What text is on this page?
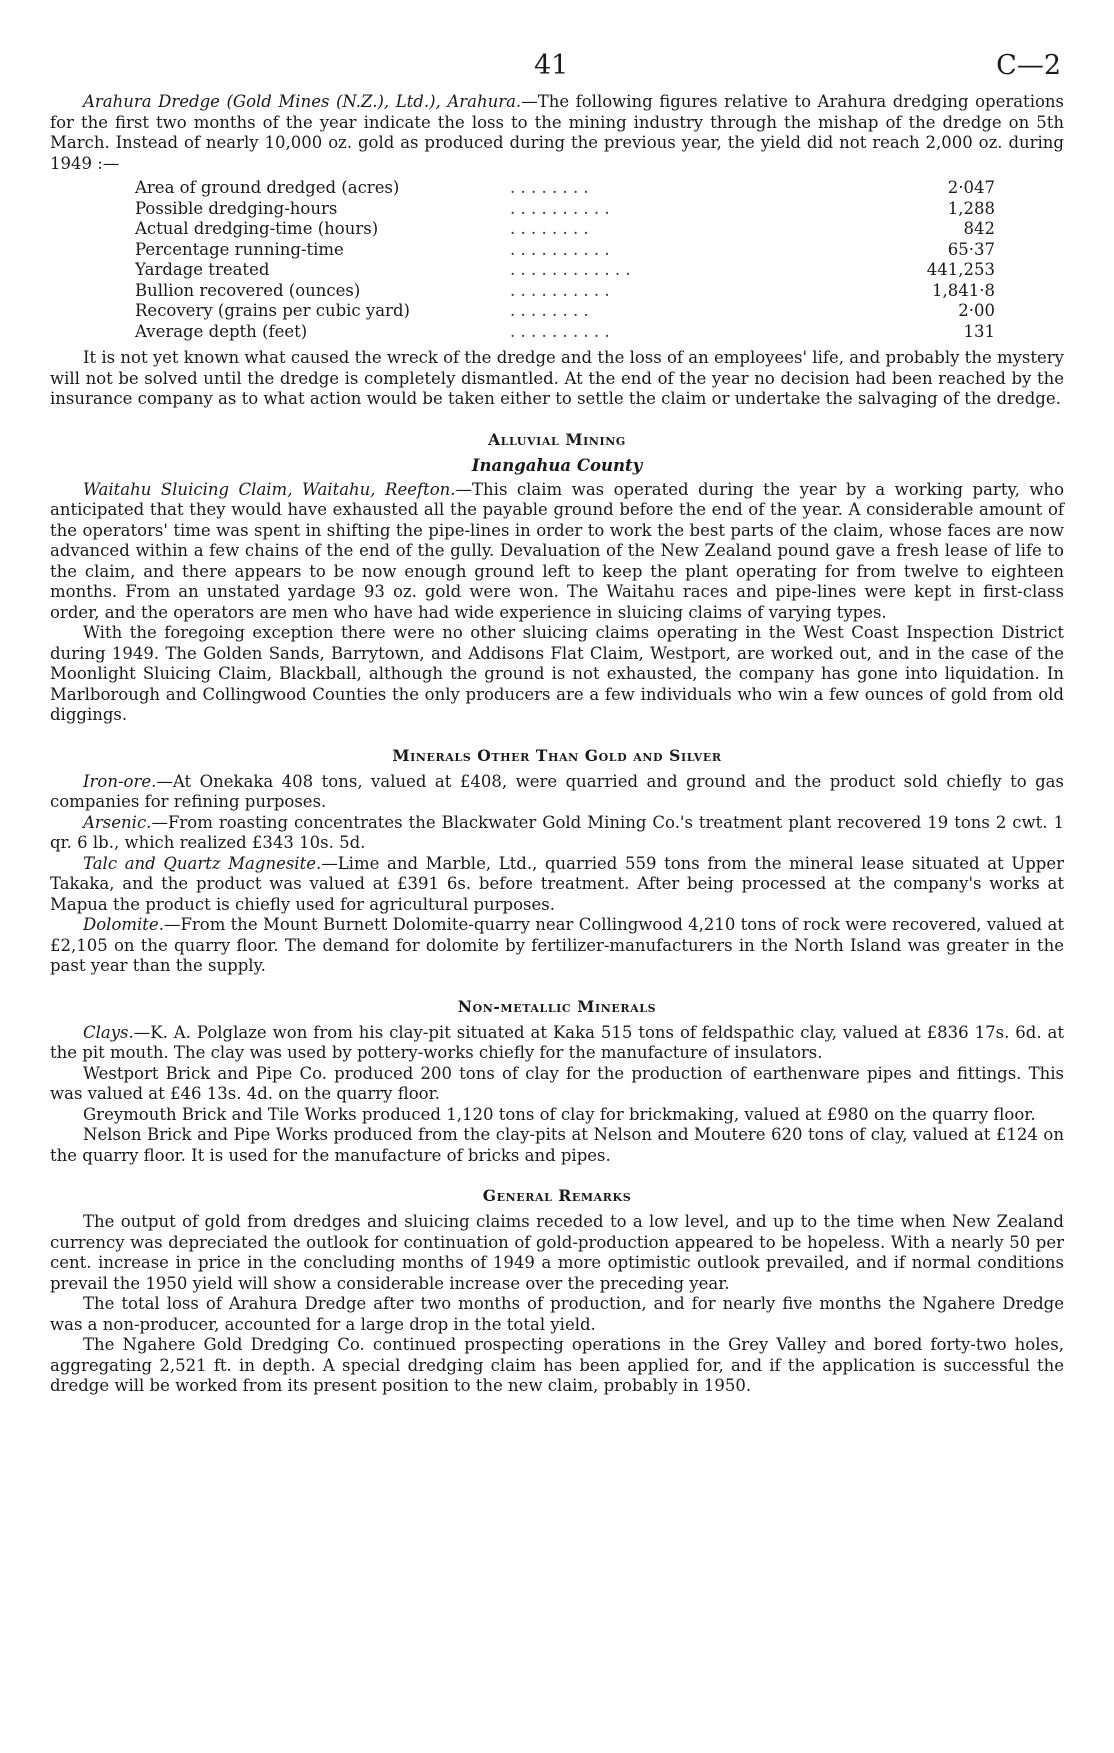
41	C—2

Arahura Dredge (Gold Mines (N.Z.), Ltd.), Arahura.—The following figures relative to Arahura dredging operations for the first two months of the year indicate the loss to the mining industry through the mishap of the dredge on 5th March. Instead of nearly 10,000 oz. gold as produced during the previous year, the yield did not reach 2,000 oz. during 1949 :—

Area of ground dredged (acres)	. . . . . . . .	2·047
Possible dredging-hours	. . . . . . . . . .	1,288
Actual dredging-time (hours)	. . . . . . . .	842
Percentage running-time	. . . . . . . . . .	65·37
Yardage treated	. . . . . . . . . . . .	441,253
Bullion recovered (ounces)	. . . . . . . . . .	1,841·8
Recovery (grains per cubic yard)	. . . . . . . .	2·00
Average depth (feet)	. . . . . . . . . .	131

It is not yet known what caused the wreck of the dredge and the loss of an employees' life, and probably the mystery will not be solved until the dredge is completely dismantled. At the end of the year no decision had been reached by the insurance company as to what action would be taken either to settle the claim or undertake the salvaging of the dredge.

Alluvial Mining
Inangahua County

Waitahu Sluicing Claim, Waitahu, Reefton.—This claim was operated during the year by a working party, who anticipated that they would have exhausted all the payable ground before the end of the year. A considerable amount of the operators' time was spent in shifting the pipe-lines in order to work the best parts of the claim, whose faces are now advanced within a few chains of the end of the gully. Devaluation of the New Zealand pound gave a fresh lease of life to the claim, and there appears to be now enough ground left to keep the plant operating for from twelve to eighteen months. From an unstated yardage 93 oz. gold were won. The Waitahu races and pipe-lines were kept in first-class order, and the operators are men who have had wide experience in sluicing claims of varying types.

With the foregoing exception there were no other sluicing claims operating in the West Coast Inspection District during 1949. The Golden Sands, Barrytown, and Addisons Flat Claim, Westport, are worked out, and in the case of the Moonlight Sluicing Claim, Blackball, although the ground is not exhausted, the company has gone into liquidation. In Marlborough and Collingwood Counties the only producers are a few individuals who win a few ounces of gold from old diggings.

Minerals Other Than Gold and Silver

Iron-ore.—At Onekaka 408 tons, valued at £408, were quarried and ground and the product sold chiefly to gas companies for refining purposes.

Arsenic.—From roasting concentrates the Blackwater Gold Mining Co.'s treatment plant recovered 19 tons 2 cwt. 1 qr. 6 lb., which realized £343 10s. 5d.

Talc and Quartz Magnesite.—Lime and Marble, Ltd., quarried 559 tons from the mineral lease situated at Upper Takaka, and the product was valued at £391 6s. before treatment. After being processed at the company's works at Mapua the product is chiefly used for agricultural purposes.

Dolomite.—From the Mount Burnett Dolomite-quarry near Collingwood 4,210 tons of rock were recovered, valued at £2,105 on the quarry floor. The demand for dolomite by fertilizer-manufacturers in the North Island was greater in the past year than the supply.

Non-metallic Minerals

Clays.—K. A. Polglaze won from his clay-pit situated at Kaka 515 tons of feldspathic clay, valued at £836 17s. 6d. at the pit mouth. The clay was used by pottery-works chiefly for the manufacture of insulators.

Westport Brick and Pipe Co. produced 200 tons of clay for the production of earthenware pipes and fittings. This was valued at £46 13s. 4d. on the quarry floor.

Greymouth Brick and Tile Works produced 1,120 tons of clay for brickmaking, valued at £980 on the quarry floor.

Nelson Brick and Pipe Works produced from the clay-pits at Nelson and Moutere 620 tons of clay, valued at £124 on the quarry floor. It is used for the manufacture of bricks and pipes.

General Remarks

The output of gold from dredges and sluicing claims receded to a low level, and up to the time when New Zealand currency was depreciated the outlook for continuation of gold-production appeared to be hopeless. With a nearly 50 per cent. increase in price in the concluding months of 1949 a more optimistic outlook prevailed, and if normal conditions prevail the 1950 yield will show a considerable increase over the preceding year.

The total loss of Arahura Dredge after two months of production, and for nearly five months the Ngahere Dredge was a non-producer, accounted for a large drop in the total yield.

The Ngahere Gold Dredging Co. continued prospecting operations in the Grey Valley and bored forty-two holes, aggregating 2,521 ft. in depth. A special dredging claim has been applied for, and if the application is successful the dredge will be worked from its present position to the new claim, probably in 1950.
